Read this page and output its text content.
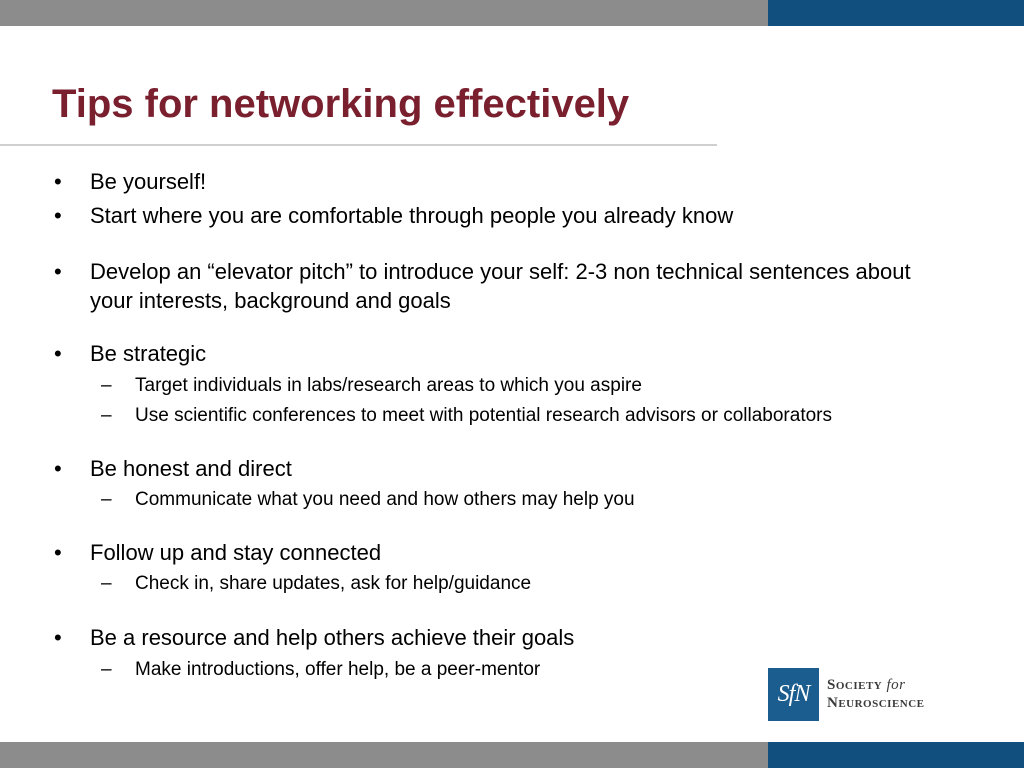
Tips for networking effectively
• Be yourself!
• Start where you are comfortable through people you already know
• Develop an “elevator pitch” to introduce your self: 2-3 non technical sentences about your interests, background and goals
• Be strategic
– Target individuals in labs/research areas to which you aspire
– Use scientific conferences to meet with potential research advisors or collaborators
• Be honest and direct
– Communicate what you need and how others may help you
• Follow up and stay connected
– Check in, share updates, ask for help/guidance
• Be a resource and help others achieve their goals
– Make introductions, offer help, be a peer-mentor
SfN	Society for
Neuroscience
